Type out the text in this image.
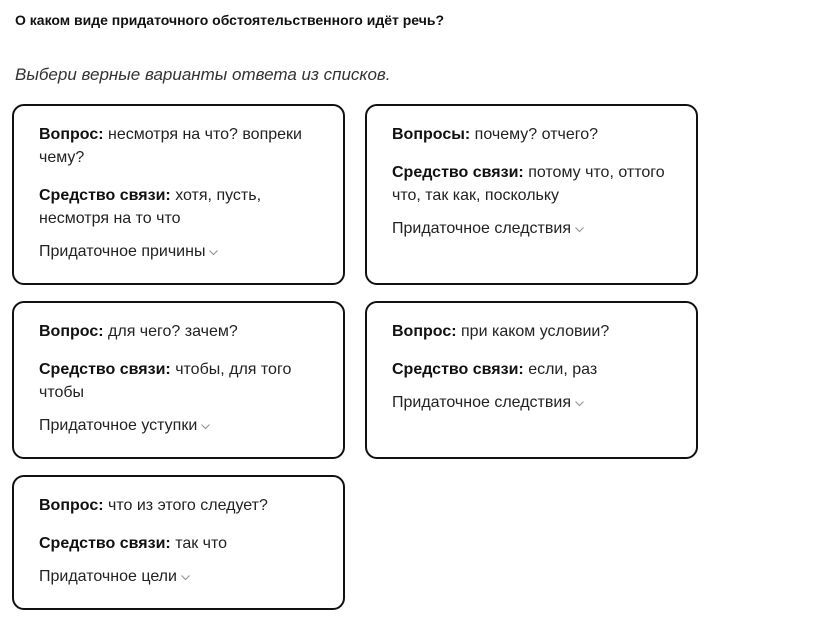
О каком виде придаточного обстоятельственного идёт речь?
Выбери верные варианты ответа из списков.
Вопрос: несмотря на что? вопреки чему?
Средство связи: хотя, пусть, несмотря на то что
Придаточное причины
Вопросы: почему? отчего?
Средство связи: потому что, оттого что, так как, поскольку
Придаточное следствия
Вопрос: для чего? зачем?
Средство связи: чтобы, для того чтобы
Придаточное уступки
Вопрос: при каком условии?
Средство связи: если, раз
Придаточное следствия
Вопрос: что из этого следует?
Средство связи: так что
Придаточное цели
